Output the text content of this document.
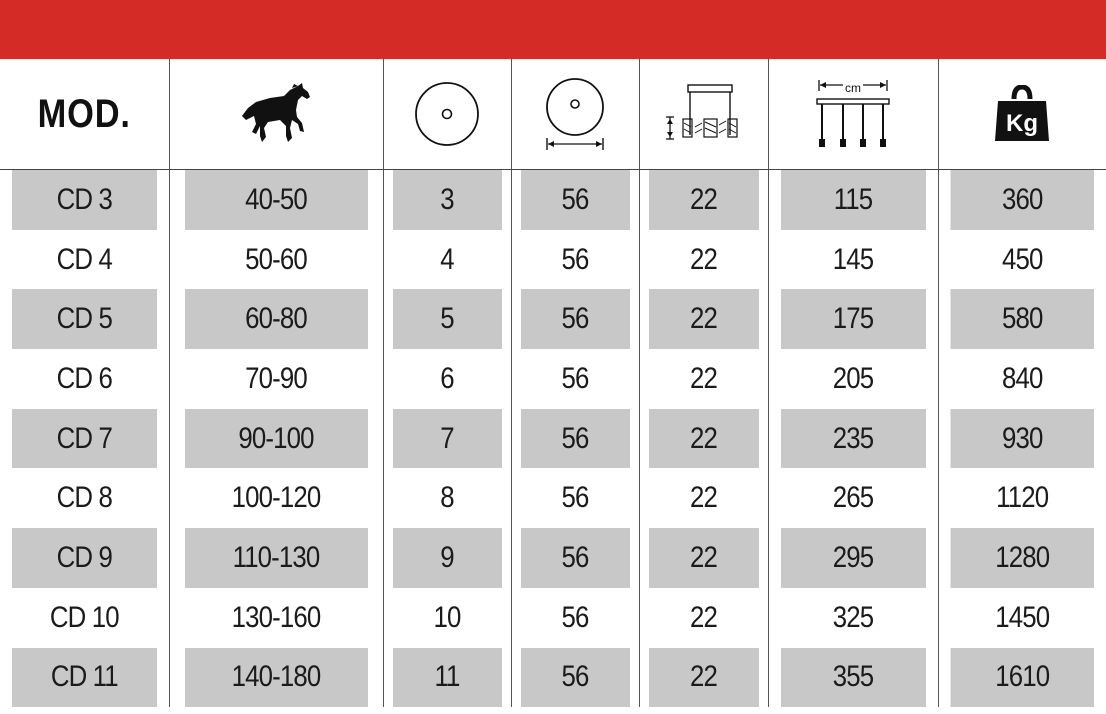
MOD.					cm	Kg

CD 3	40-50	3	56	22	115	360
CD 4	50-60	4	56	22	145	450
CD 5	60-80	5	56	22	175	580
CD 6	70-90	6	56	22	205	840
CD 7	90-100	7	56	22	235	930
CD 8	100-120	8	56	22	265	1120
CD 9	110-130	9	56	22	295	1280
CD 10	130-160	10	56	22	325	1450
CD 11	140-180	11	56	22	355	1610
